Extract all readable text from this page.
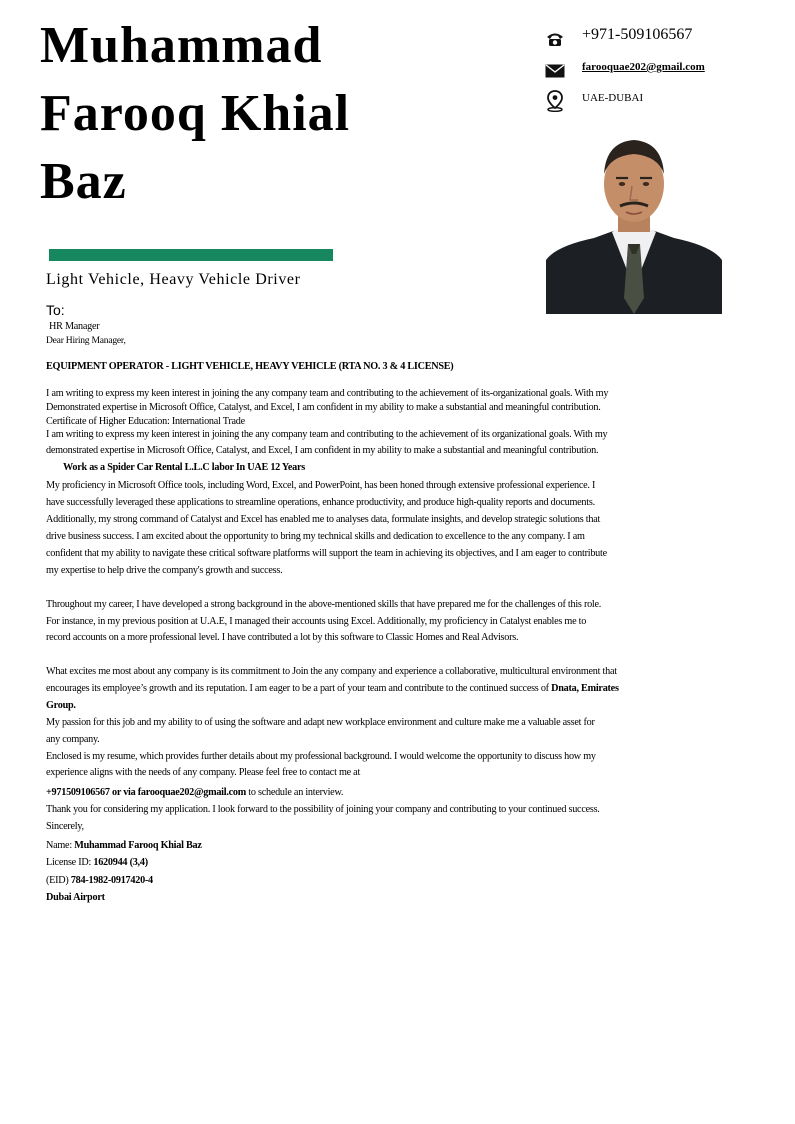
Muhammad
Farooq Khial
Baz
Light Vehicle, Heavy Vehicle Driver
To:
+971-509106567
farooquae202@gmail.com
UAE-DUBAI
HR Manager
Dear Hiring Manager,
EQUIPMENT OPERATOR - LIGHT VEHICLE, HEAVY VEHICLE (RTA NO. 3 & 4 LICENSE)
I am writing to express my keen interest in joining the any company team and contributing to the achievement of its-organizational goals. With my
Demonstrated expertise in Microsoft Office, Catalyst, and Excel, I am confident in my ability to make a substantial and meaningful contribution.
Certificate of Higher Education: International Trade
I am writing to express my keen interest in joining the any company team and contributing to the achievement of its organizational goals. With my
demonstrated expertise in Microsoft Office, Catalyst, and Excel, I am confident in my ability to make a substantial and meaningful contribution.
Work as a Spider Car Rental L.L.C labor In UAE 12 Years
My proficiency in Microsoft Office tools, including Word, Excel, and PowerPoint, has been honed through extensive professional experience. I
have successfully leveraged these applications to streamline operations, enhance productivity, and produce high-quality reports and documents.
Additionally, my strong command of Catalyst and Excel has enabled me to analyses data, formulate insights, and develop strategic solutions that
drive business success. I am excited about the opportunity to bring my technical skills and dedication to excellence to the any company. I am
confident that my ability to navigate these critical software platforms will support the team in achieving its objectives, and I am eager to contribute
my expertise to help drive the company's growth and success.
Throughout my career, I have developed a strong background in the above-mentioned skills that have prepared me for the challenges of this role.
For instance, in my previous position at U.A.E, I managed their accounts using Excel. Additionally, my proficiency in Catalyst enables me to
record accounts on a more professional level. I have contributed a lot by this software to Classic Homes and Real Advisors.
What excites me most about any company is its commitment to Join the any company and experience a collaborative, multicultural environment that
encourages its employee’s growth and its reputation. I am eager to be a part of your team and contribute to the continued success of Dnata, Emirates
Group.
My passion for this job and my ability to of using the software and adapt new workplace environment and culture make me a valuable asset for
any company.
Enclosed is my resume, which provides further details about my professional background. I would welcome the opportunity to discuss how my
experience aligns with the needs of any company. Please feel free to contact me at
+971509106567 or via farooquae202@gmail.com to schedule an interview.
Thank you for considering my application. I look forward to the possibility of joining your company and contributing to your continued success.
Sincerely,
Name: Muhammad Farooq Khial Baz
License ID: 1620944 (3,4)
(EID) 784-1982-0917420-4
Dubai Airport
